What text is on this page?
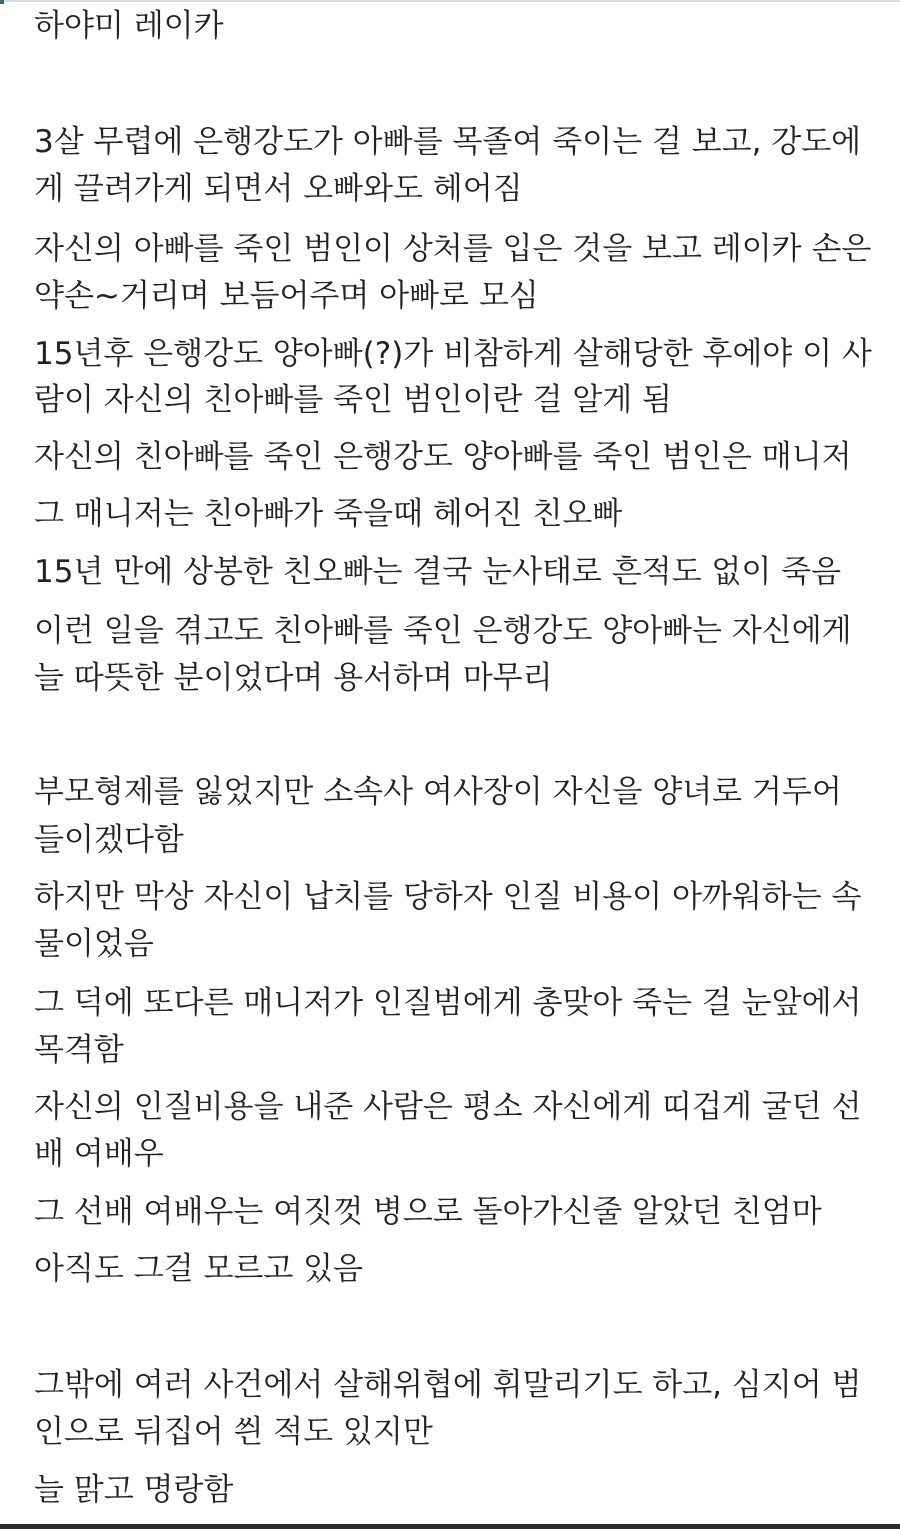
하야미 레이카
3살 무렵에 은행강도가 아빠를 목졸여 죽이는 걸 보고, 강도에
게 끌려가게 되면서 오빠와도 헤어짐
자신의 아빠를 죽인 범인이 상처를 입은 것을 보고 레이카 손은
약손~거리며 보듬어주며 아빠로 모심
15년후 은행강도 양아빠(?)가 비참하게 살해당한 후에야 이 사
람이 자신의 친아빠를 죽인 범인이란 걸 알게 됨
자신의 친아빠를 죽인 은행강도 양아빠를 죽인 범인은 매니저
그 매니저는 친아빠가 죽을때 헤어진 친오빠
15년 만에 상봉한 친오빠는 결국 눈사태로 흔적도 없이 죽음
이런 일을 겪고도 친아빠를 죽인 은행강도 양아빠는 자신에게
늘 따뜻한 분이었다며 용서하며 마무리
부모형제를 잃었지만 소속사 여사장이 자신을 양녀로 거두어
들이겠다함
하지만 막상 자신이 납치를 당하자 인질 비용이 아까워하는 속
물이었음
그 덕에 또다른 매니저가 인질범에게 총맞아 죽는 걸 눈앞에서
목격함
자신의 인질비용을 내준 사람은 평소 자신에게 띠겁게 굴던 선
배 여배우
그 선배 여배우는 여짓껏 병으로 돌아가신줄 알았던 친엄마
아직도 그걸 모르고 있음
그밖에 여러 사건에서 살해위협에 휘말리기도 하고, 심지어 범
인으로 뒤집어 씐 적도 있지만
늘 맑고 명랑함
